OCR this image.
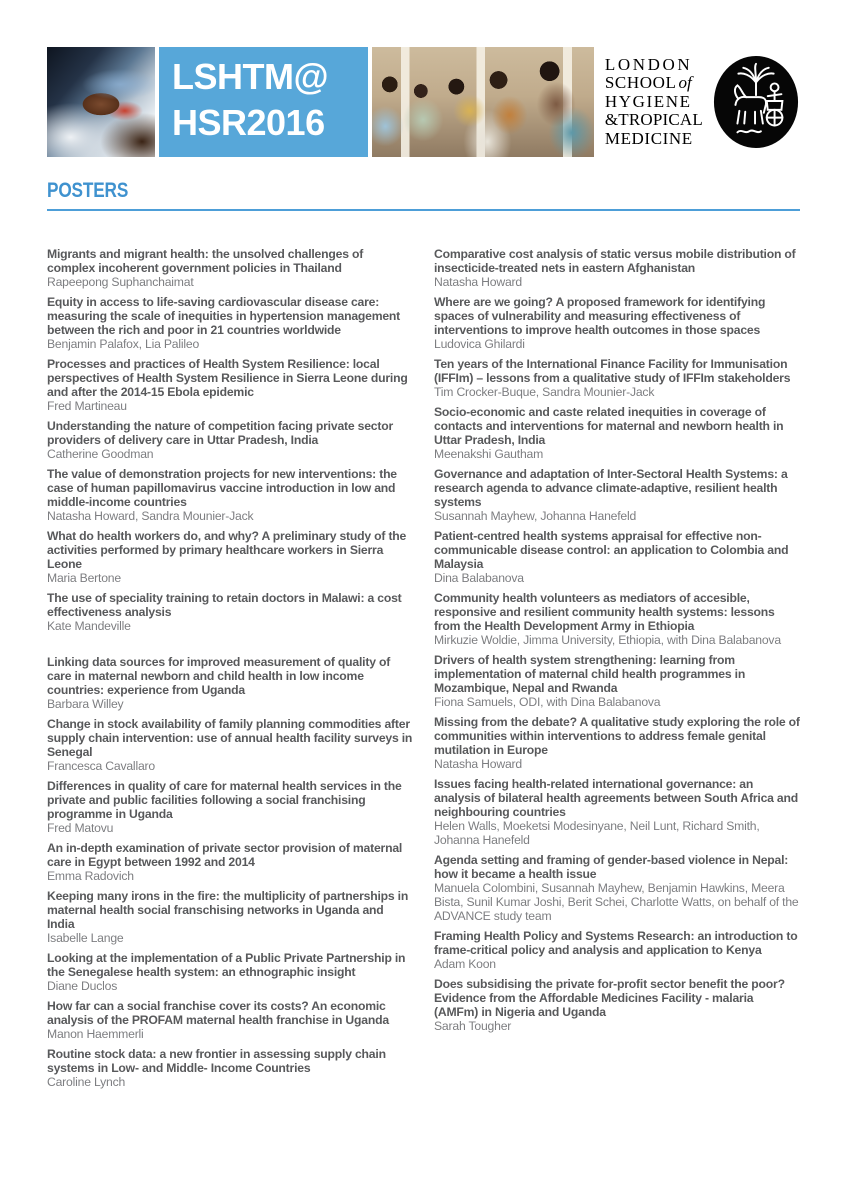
LSHTM@
HSR2016
LONDON
SCHOOL of
HYGIENE
&TROPICAL
MEDICINE
POSTERS
Migrants and migrant health: the unsolved challenges of complex incoherent government policies in Thailand

Rapeepong Suphanchaimat

Equity in access to life-saving cardiovascular disease care: measuring the scale of inequities in hypertension management between the rich and poor in 21 countries worldwide

Benjamin Palafox, Lia Palileo

Processes and practices of Health System Resilience: local perspectives of Health System Resilience in Sierra Leone during and after the 2014-15 Ebola epidemic

Fred Martineau

Understanding the nature of competition facing private sector providers of delivery care in Uttar Pradesh, India

Catherine Goodman

The value of demonstration projects for new interventions: the case of human papillomavirus vaccine introduction in low and middle-income countries

Natasha Howard, Sandra Mounier-Jack

What do health workers do, and why? A preliminary study of the activities performed by primary healthcare workers in Sierra Leone

Maria Bertone

The use of speciality training to retain doctors in Malawi: a cost effectiveness analysis

Kate Mandeville

Linking data sources for improved measurement of quality of care in maternal newborn and child health in low income countries: experience from Uganda

Barbara Willey

Change in stock availability of family planning commodities after supply chain intervention: use of annual health facility surveys in Senegal

Francesca Cavallaro

Differences in quality of care for maternal health services in the private and public facilities following a social franchising programme in Uganda

Fred Matovu

An in-depth examination of private sector provision of maternal care in Egypt between 1992 and 2014

Emma Radovich

Keeping many irons in the fire: the multiplicity of partnerships in maternal health social franschising networks in Uganda and India

Isabelle Lange

Looking at the implementation of a Public Private Partnership in the Senegalese health system: an ethnographic insight

Diane Duclos

How far can a social franchise cover its costs? An economic analysis of the PROFAM maternal health franchise in Uganda

Manon Haemmerli

Routine stock data: a new frontier in assessing supply chain systems in Low- and Middle- Income Countries

Caroline Lynch

Comparative cost analysis of static versus mobile distribution of insecticide-treated nets in eastern Afghanistan

Natasha Howard

Where are we going? A proposed framework for identifying spaces of vulnerability and measuring effectiveness of interventions to improve health outcomes in those spaces

Ludovica Ghilardi

Ten years of the International Finance Facility for Immunisation (IFFIm) – lessons from a qualitative study of IFFIm stakeholders

Tim Crocker-Buque, Sandra Mounier-Jack

Socio-economic and caste related inequities in coverage of contacts and interventions for maternal and newborn health in Uttar Pradesh, India

Meenakshi Gautham

Governance and adaptation of Inter-Sectoral Health Systems: a research agenda to advance climate-adaptive, resilient health systems

Susannah Mayhew, Johanna Hanefeld

Patient-centred health systems appraisal for effective non-communicable disease control: an application to Colombia and Malaysia

Dina Balabanova

Community health volunteers as mediators of accesible, responsive and resilient community health systems: lessons from the Health Development Army in Ethiopia

Mirkuzie Woldie, Jimma University, Ethiopia, with Dina Balabanova

Drivers of health system strengthening: learning from implementation of maternal child health programmes in Mozambique, Nepal and Rwanda

Fiona Samuels, ODI, with Dina Balabanova

Missing from the debate? A qualitative study exploring the role of communities within interventions to address female genital mutilation in Europe

Natasha Howard

Issues facing health-related international governance: an analysis of bilateral health agreements between South Africa and neighbouring countries

Helen Walls, Moeketsi Modesinyane, Neil Lunt, Richard Smith, Johanna Hanefeld

Agenda setting and framing of gender-based violence in Nepal: how it became a health issue

Manuela Colombini, Susannah Mayhew, Benjamin Hawkins, Meera Bista, Sunil Kumar Joshi, Berit Schei, Charlotte Watts, on behalf of the ADVANCE study team

Framing Health Policy and Systems Research: an introduction to frame-critical policy and analysis and application to Kenya

Adam Koon

Does subsidising the private for-profit sector benefit the poor? Evidence from the Affordable Medicines Facility - malaria (AMFm) in Nigeria and Uganda

Sarah Tougher
